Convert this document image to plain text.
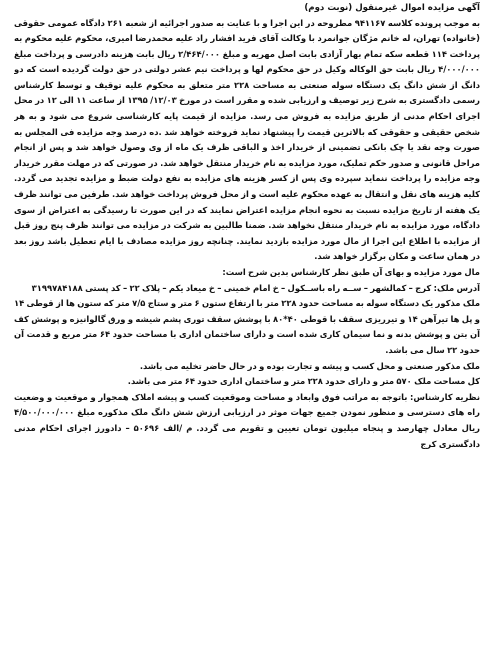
آگهی مزایده اموال غیرمنقول (نوبت دوم)

به موجب پرونده کلاسه ۹۴۱۱۶۷ مطروحه در این اجرا و با عنایت به صدور اجرائیه از شعبه ۲۶۱ دادگاه عمومی حقوقی (خانواده) تهران، له خانم مژگان جوانمرد با وکالت آقای فرید افشار راد علیه محمدرضا امیری، محکوم علیه محکوم به پرداخت ۱۱۴ قطعه سکه تمام بهار آزادی بابت اصل مهریه و مبلغ ۲/۴۶۴/۰۰۰ ریال بابت هزینه دادرسی و پرداخت مبلغ ۴/۰۰۰/۰۰۰ ریال بابت حق الوکاله وکیل در حق محکوم لها و پرداخت نیم عشر دولتی در حق دولت گردیده است که دو دانگ از شش دانگ یک دستگاه سوله صنعتی به مساحت ۲۲۸ متر متعلق به محکوم علیه توقیف و توسط کارشناس رسمی دادگستری به شرح زیر توصیف و ارزیابی شده و مقرر است در مورخ ۱۲/۰۳/ ۱۳۹۵ از ساعت ۱۱ الی ۱۲ در محل اجرای احکام مدنی از طریق مزایده به فروش می رسد. مزایده از قیمت پایه کارشناسی شروع می شود و به هر شخص حقیقی و حقوقی که بالاترین قیمت را پیشنهاد نماید فروخته خواهد شد .ده درصد وجه مزایده فی المجلس به صورت وجه نقد یا چک بانکی تضمینی از خریدار اخذ و الباقی ظرف یک ماه از وی وصول خواهد شد و پس از انجام مراحل قانونی و صدور حکم تملیک، مورد مزایده به نام خریدار منتقل خواهد شد. در صورتی که در مهلت مقرر خریدار وجه مزایده را پرداخت ننماید سپرده وی پس از کسر هزینه های مزایده به نفع دولت ضبط و مزایده تجدید می گردد. کلیه هزینه های نقل و انتقال به عهده محکوم علیه است و از محل فروش پرداخت خواهد شد. طرفین می توانند ظرف یک هفته از تاریخ مزایده نسبت به نحوه انجام مزایده اعتراض نمایند که در این صورت تا رسیدگی به اعتراض از سوی دادگاه، مورد مزایده به نام خریدار منتقل نخواهد شد. ضمنا طالبین به شرکت در مزایده می توانند ظرف پنج روز قبل از مزایده با اطلاع این اجرا از مال مورد مزایده بازدید نمایند. چنانچه روز مزایده مصادف با ایام تعطیل باشد روز بعد در همان ساعت و مکان برگزار خواهد شد.

مال مورد مزایده و بهای آن طبق نظر کارشناس بدین شرح است:

آدرس ملک: کرج – کمالشهر – ســه راه باســکول – خ امام خمینی – خ میعاد یکم – پلاک ۲۲ – کد پستی ۳۱۹۹۷۸۴۱۸۸

ملک مذکور یک دستگاه سوله به مساحت حدود ۲۲۸ متر با ارتفاع ستون ۶ متر و ستاج ۷/۵ متر که ستون ها از قوطی ۱۴ و پل ها تیرآهن ۱۴ و تیرریزی سقف با قوطی ۴۰*۸۰ با پوشش سقف توری پشم شیشه و ورق گالوانیزه و پوشش کف آن بتن و پوشش بدنه و نما سیمان کاری شده است و دارای ساختمان اداری با مساحت حدود ۶۴ متر مربع و قدمت آن حدود ۲۲ سال می باشد.

ملک مذکور صنعتی و محل کسب و پیشه و تجارت بوده و در حال حاضر تخلیه می باشد.

کل مساحت ملک ۵۷۰ متر و دارای حدود ۲۲۸ متر و ساختمان اداری حدود ۶۴ متر می باشد.

نظریه کارشناس: باتوجه به مراتب فوق وابعاد و مساحت وموقعیت کسب و پیشه املاک همجوار و موقعیت و وضعیت راه های دسترسی و منظور نمودن جمیع جهات موثر در ارزیابی ارزش شش دانگ ملک مذکوره مبلغ ۴/۵۰۰/۰۰۰/۰۰۰ ریال معادل چهارصد و پنجاه میلیون تومان تعیین و تقویم می گردد. م /الف ۵۰۶۹۶ – دادورز اجرای احکام مدنی دادگستری کرج
